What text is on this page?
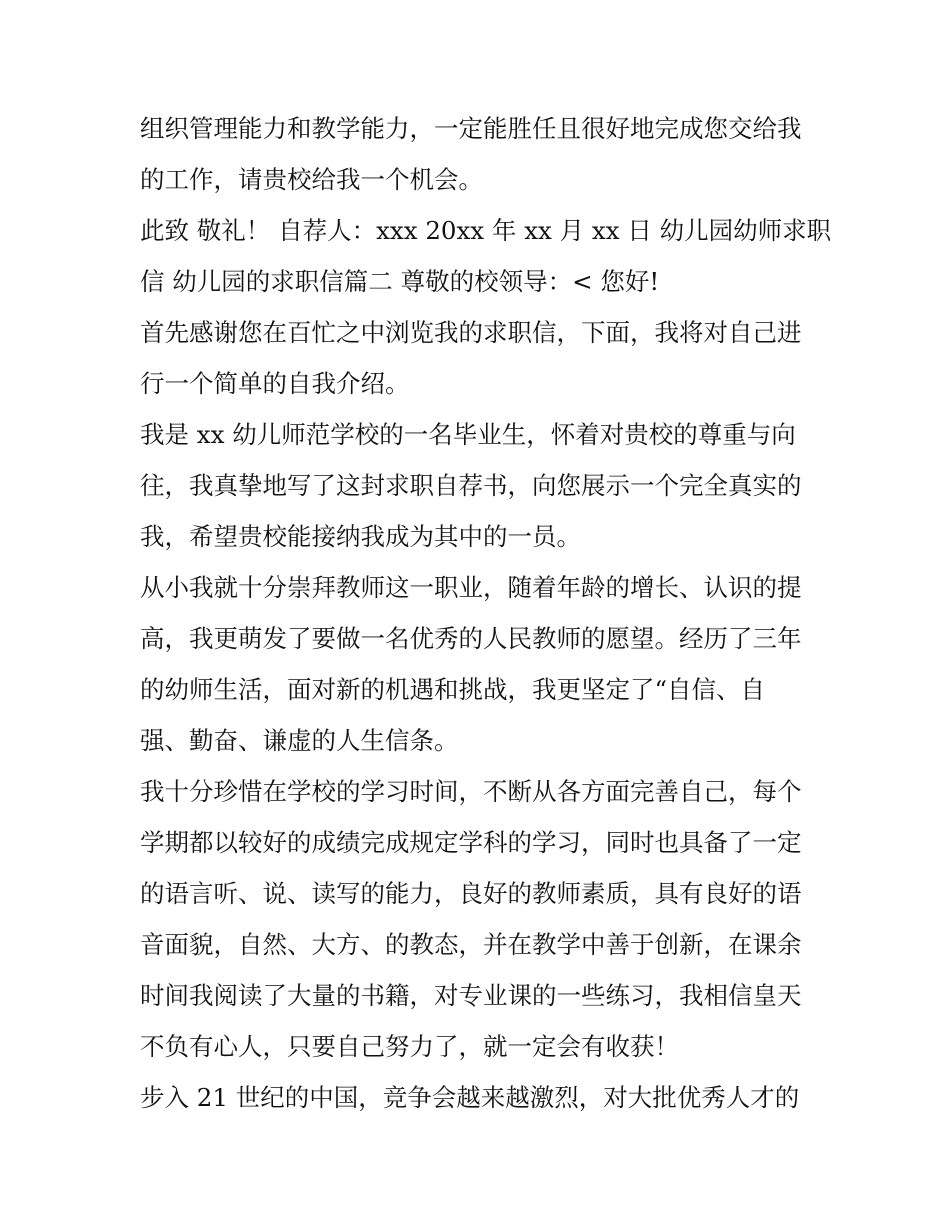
组织管理能力和教学能力，一定能胜任且很好地完成您交给我
的工作，请贵校给我一个机会。
此致 敬礼！ 自荐人：xxx 20xx 年 xx 月 xx 日 幼儿园幼师求职
信 幼儿园的求职信篇二 尊敬的校领导：< 您好!
首先感谢您在百忙之中浏览我的求职信，下面，我将对自己进
行一个简单的自我介绍。
我是 xx 幼儿师范学校的一名毕业生，怀着对贵校的尊重与向
往，我真挚地写了这封求职自荐书，向您展示一个完全真实的
我，希望贵校能接纳我成为其中的一员。
从小我就十分崇拜教师这一职业，随着年龄的增长、认识的提
高，我更萌发了要做一名优秀的人民教师的愿望。经历了三年
的幼师生活，面对新的机遇和挑战，我更坚定了“自信、自
强、勤奋、谦虚的人生信条。
我十分珍惜在学校的学习时间，不断从各方面完善自己，每个
学期都以较好的成绩完成规定学科的学习，同时也具备了一定
的语言听、说、读写的能力，良好的教师素质，具有良好的语
音面貌，自然、大方、的教态，并在教学中善于创新，在课余
时间我阅读了大量的书籍，对专业课的一些练习，我相信皇天
不负有心人，只要自己努力了，就一定会有收获！
步入 21 世纪的中国，竞争会越来越激烈，对大批优秀人才的
